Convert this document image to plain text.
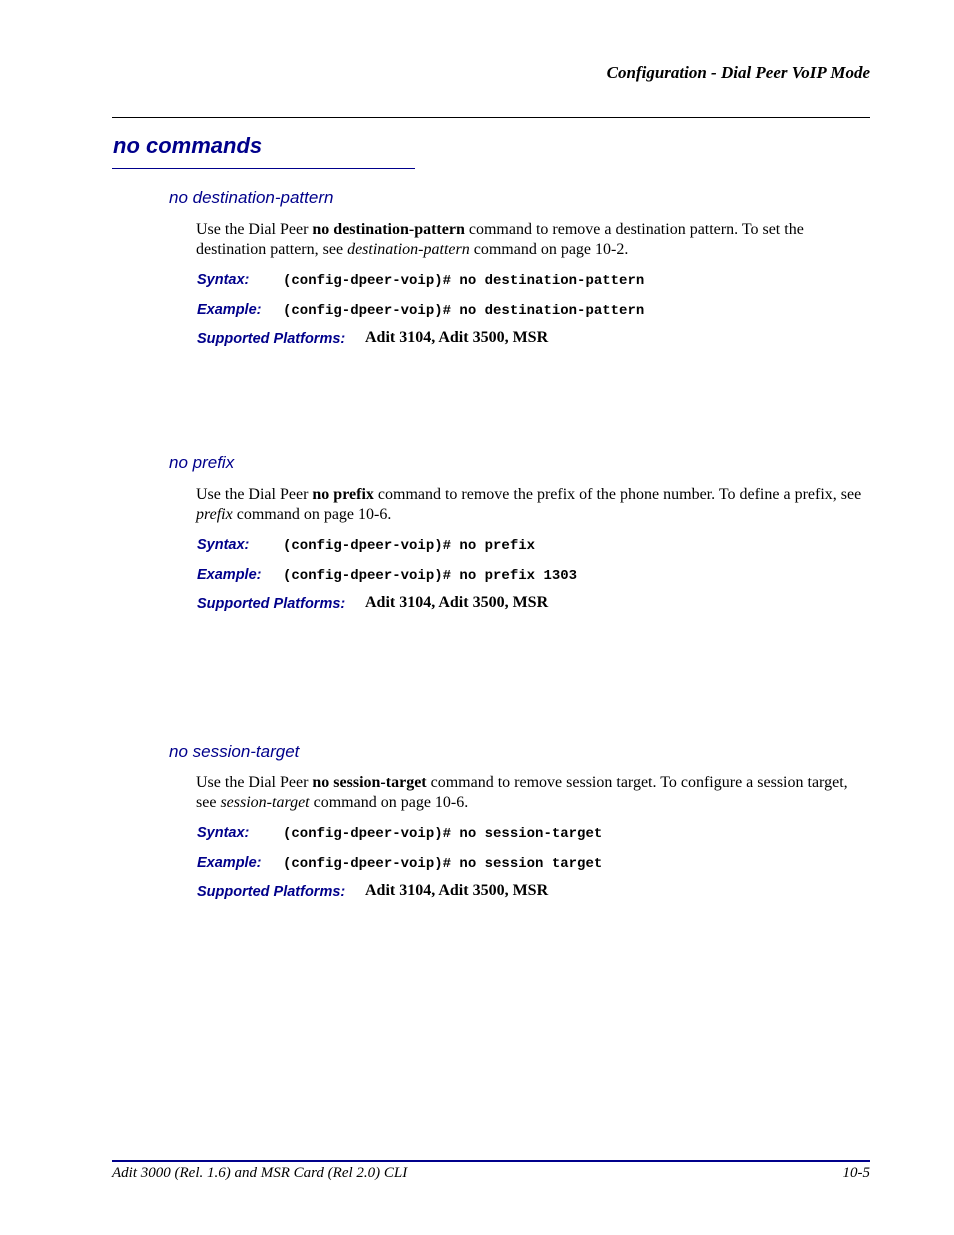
Configuration - Dial Peer VoIP Mode
no commands
no destination-pattern
Use the Dial Peer no destination-pattern command to remove a destination pattern. To set the destination pattern, see destination-pattern command on page 10-2.
Syntax: (config-dpeer-voip)# no destination-pattern
Example: (config-dpeer-voip)# no destination-pattern
Supported Platforms: Adit 3104, Adit 3500, MSR
no prefix
Use the Dial Peer no prefix command to remove the prefix of the phone number. To define a prefix, see prefix command on page 10-6.
Syntax: (config-dpeer-voip)# no prefix
Example: (config-dpeer-voip)# no prefix 1303
Supported Platforms: Adit 3104, Adit 3500, MSR
no session-target
Use the Dial Peer no session-target command to remove session target. To configure a session target, see session-target command on page 10-6.
Syntax: (config-dpeer-voip)# no session-target
Example: (config-dpeer-voip)# no session target
Supported Platforms: Adit 3104, Adit 3500, MSR
Adit 3000 (Rel. 1.6) and MSR Card (Rel 2.0) CLI	10-5
